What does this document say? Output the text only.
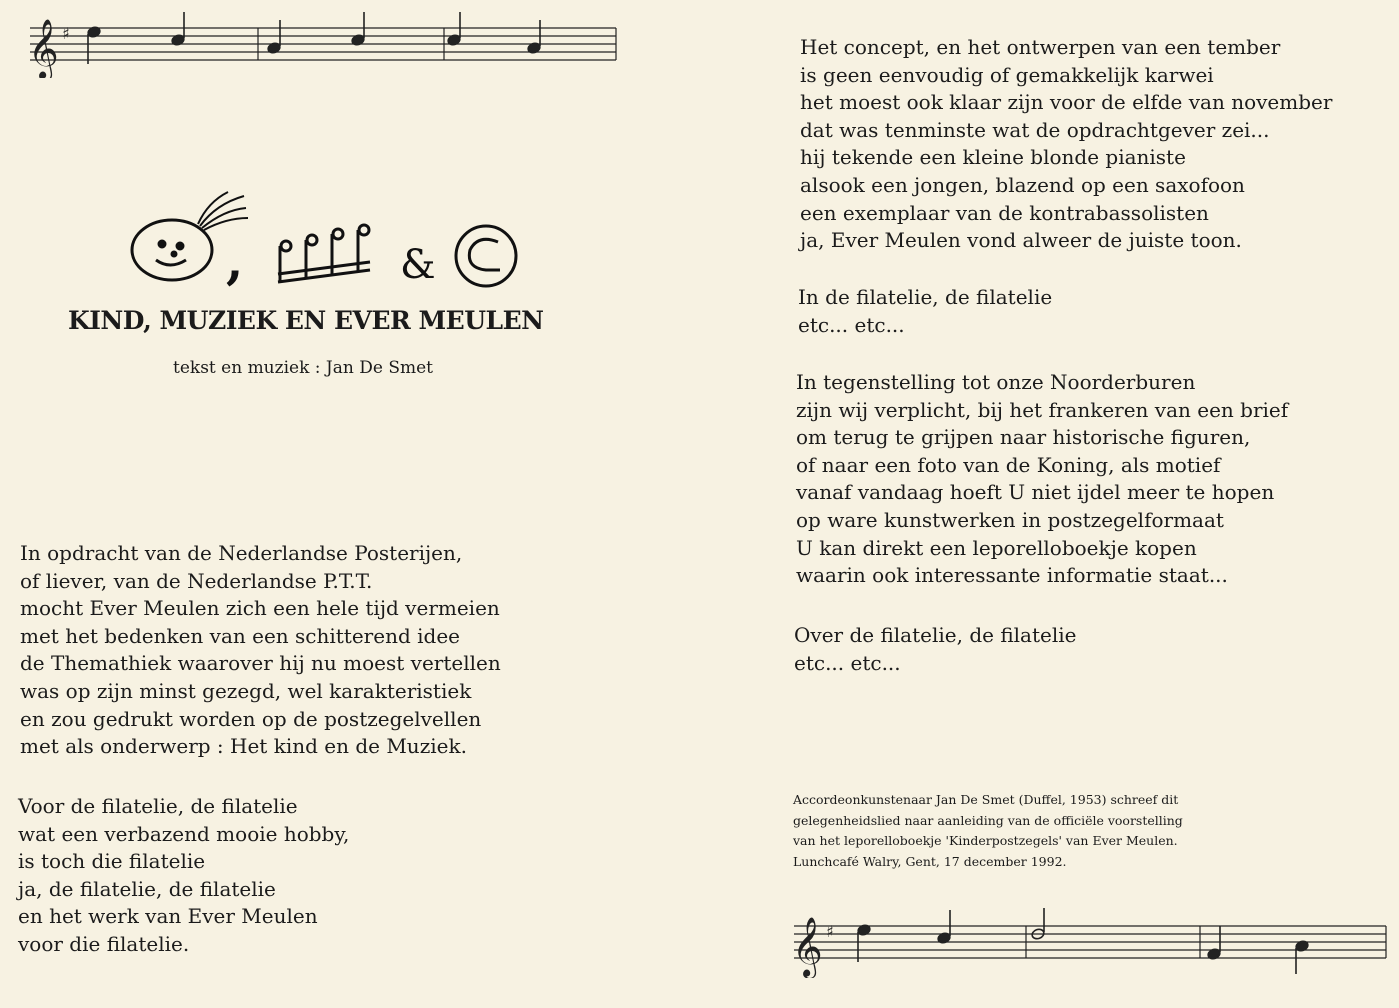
𝄞 ♯
,	&
KIND, MUZIEK EN EVER MEULEN
tekst en muziek : Jan De Smet
In opdracht van de Nederlandse Posterijen,
of liever, van de Nederlandse P.T.T.
mocht Ever Meulen zich een hele tijd vermeien
met het bedenken van een schitterend idee
de Themathiek waarover hij nu moest vertellen
was op zijn minst gezegd, wel karakteristiek
en zou gedrukt worden op de postzegelvellen
met als onderwerp : Het kind en de Muziek.
Voor de filatelie, de filatelie
wat een verbazend mooie hobby,
is toch die filatelie
ja, de filatelie, de filatelie
en het werk van Ever Meulen
voor die filatelie.
Het concept, en het ontwerpen van een tember
is geen eenvoudig of gemakkelijk karwei
het moest ook klaar zijn voor de elfde van november
dat was tenminste wat de opdrachtgever zei...
hij tekende een kleine blonde pianiste
alsook een jongen, blazend op een saxofoon
een exemplaar van de kontrabassolisten
ja, Ever Meulen vond alweer de juiste toon.
In de filatelie, de filatelie
etc... etc...
In tegenstelling tot onze Noorderburen
zijn wij verplicht, bij het frankeren van een brief
om terug te grijpen naar historische figuren,
of naar een foto van de Koning, als motief
vanaf vandaag hoeft U niet ijdel meer te hopen
op ware kunstwerken in postzegelformaat
U kan direkt een leporelloboekje kopen
waarin ook interessante informatie staat...
Over de filatelie, de filatelie
etc... etc...
Accordeonkunstenaar Jan De Smet (Duffel, 1953) schreef dit
gelegenheidslied naar aanleiding van de officiële voorstelling
van het leporelloboekje 'Kinderpostzegels' van Ever Meulen.
Lunchcafé Walry, Gent, 17 december 1992.
𝄞 ♯
